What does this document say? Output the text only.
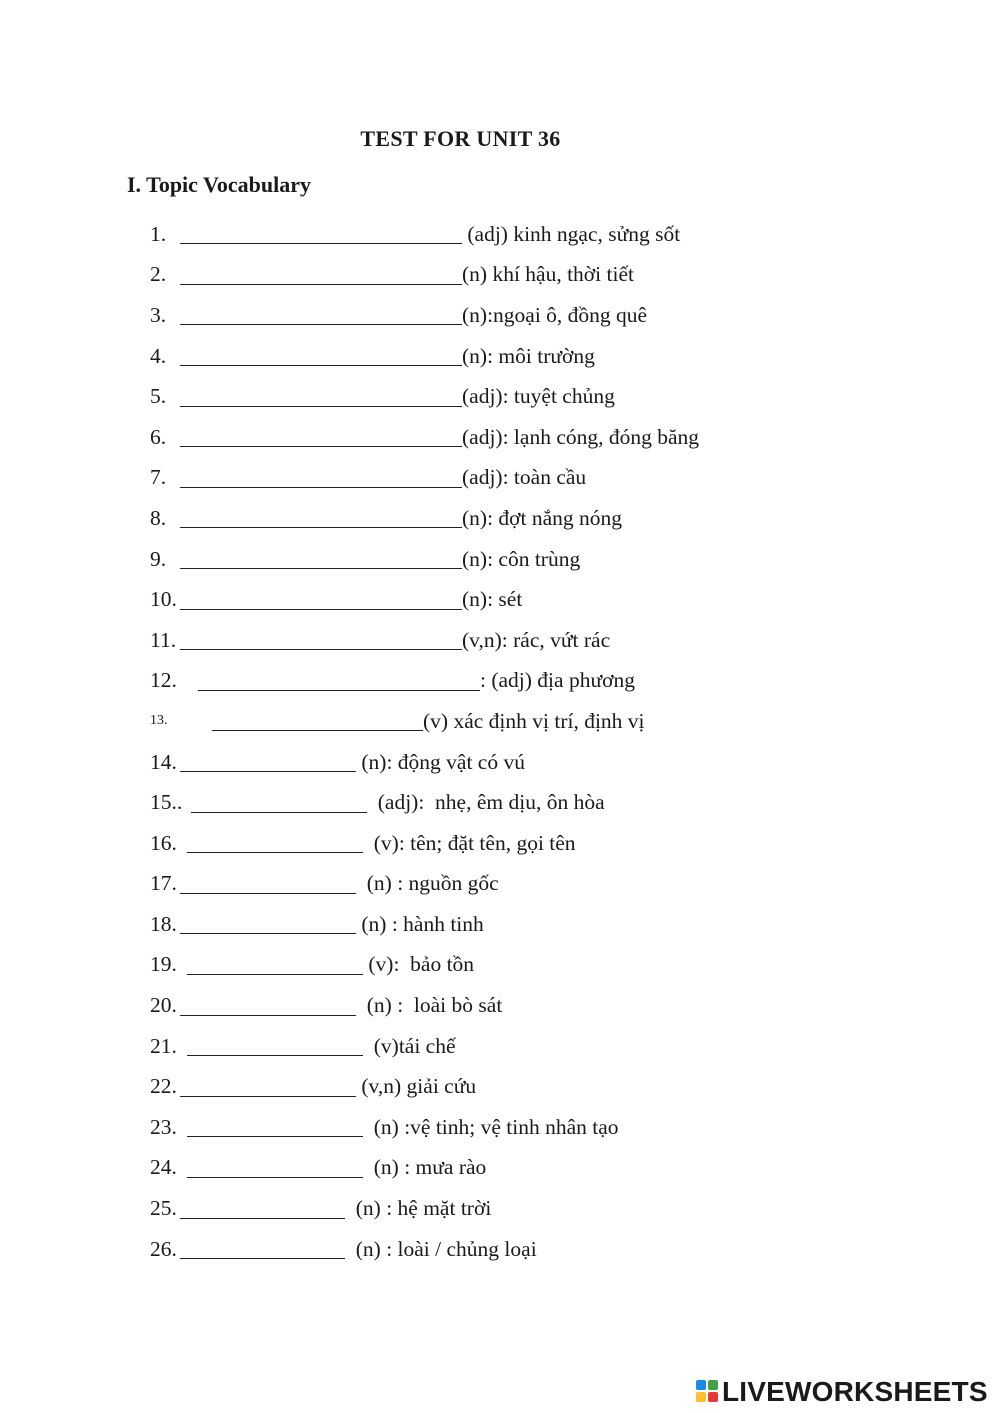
TEST FOR UNIT 36
I. Topic Vocabulary
1.	(adj) kinh ngạc, sửng sốt
2.	(n) khí hậu, thời tiết
3.	(n):ngoại ô, đồng quê
4.	(n): môi trường
5.	(adj): tuyệt chủng
6.	(adj): lạnh cóng, đóng băng
7.	(adj): toàn cầu
8.	(n): đợt nắng nóng
9.	(n): côn trùng
10.	(n): sét
11.	(v,n): rác, vứt rác
12.	: (adj) địa phương
13.	(v) xác định vị trí, định vị
14.	(n): động vật có vú
15..	(adj):  nhẹ, êm dịu, ôn hòa
16.	(v): tên; đặt tên, gọi tên
17.	(n) : nguồn gốc
18.	(n) : hành tinh
19.	(v):  bảo tồn
20.	(n) :  loài bò sát
21.	(v)tái chế
22.	(v,n) giải cứu
23.	(n) :vệ tinh; vệ tinh nhân tạo
24.	(n) : mưa rào
25.	(n) : hệ mặt trời
26.	(n) : loài / chủng loại
LIVEWORKSHEETS
